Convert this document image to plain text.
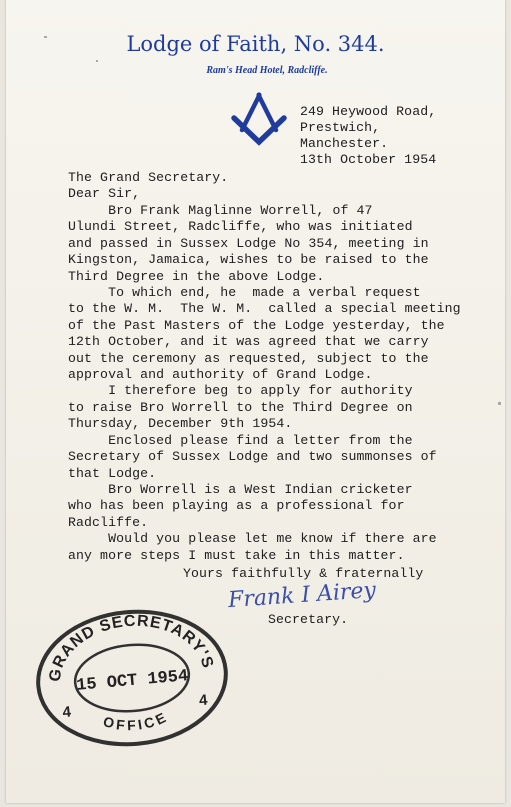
Lodge of Faith, No. 344.
Ram's Head Hotel, Radcliffe.
249 Heywood Road,
Prestwich,
Manchester.
13th October 1954
The Grand Secretary.
Dear Sir,
Bro Frank Maglinne Worrell, of 47
Ulundi Street, Radcliffe, who was initiated
and passed in Sussex Lodge No 354, meeting in
Kingston, Jamaica, wishes to be raised to the
Third Degree in the above Lodge.
To which end, he  made a verbal request
to the W. M.  The W. M.  called a special meeting
of the Past Masters of the Lodge yesterday, the
12th October, and it was agreed that we carry
out the ceremony as requested, subject to the
approval and authority of Grand Lodge.
I therefore beg to apply for authority
to raise Bro Worrell to the Third Degree on
Thursday, December 9th 1954.
Enclosed please find a letter from the
Secretary of Sussex Lodge and two summonses of
that Lodge.
Bro Worrell is a West Indian cricketer
who has been playing as a professional for
Radcliffe.
Would you please let me know if there are
any more steps I must take in this matter.
Yours faithfully & fraternally
Frank I Airey
Secretary.
GRAND SECRETARY'S
OFFICE
15 OCT 1954
4
4
